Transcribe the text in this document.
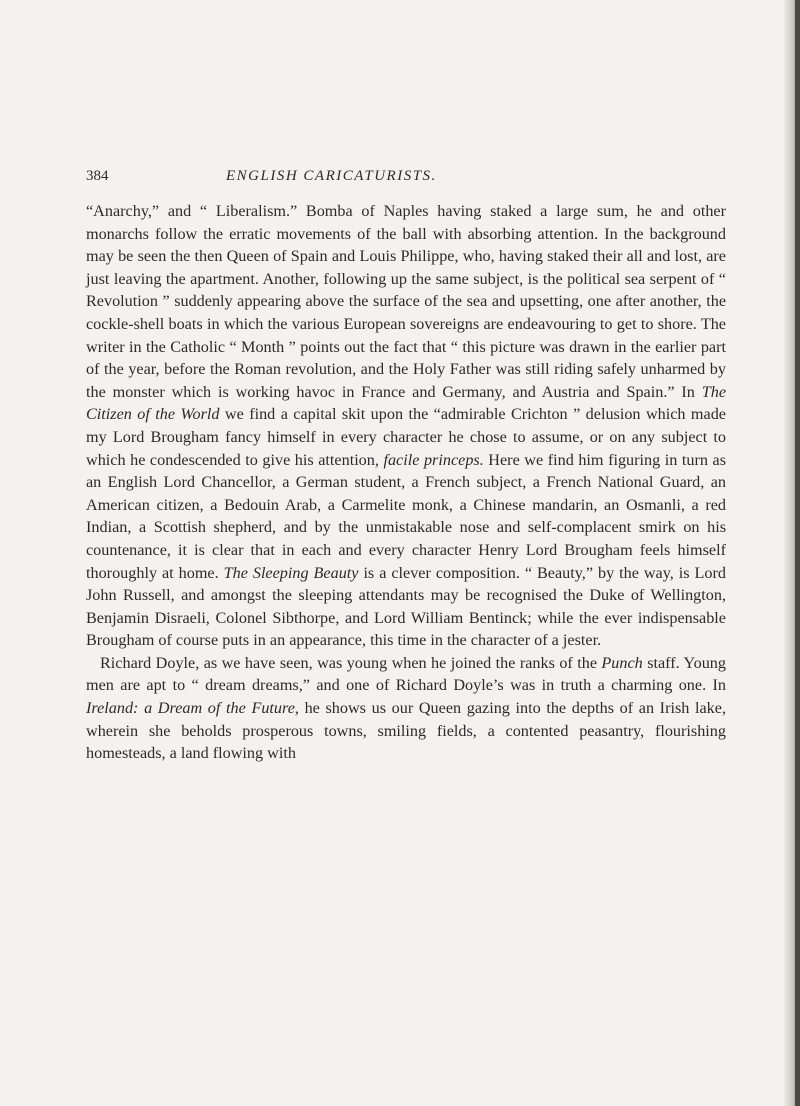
384	ENGLISH CARICATURISTS.

“Anarchy,” and “ Liberalism.” Bomba of Naples having staked a large sum, he and other monarchs follow the erratic movements of the ball with absorbing attention. In the background may be seen the then Queen of Spain and Louis Philippe, who, having staked their all and lost, are just leaving the apartment. Another, following up the same subject, is the political sea serpent of “ Revolution ” suddenly appearing above the surface of the sea and upsetting, one after another, the cockle-shell boats in which the various European sovereigns are endeavouring to get to shore. The writer in the Catholic “ Month ” points out the fact that “ this picture was drawn in the earlier part of the year, before the Roman revolution, and the Holy Father was still riding safely unharmed by the monster which is working havoc in France and Germany, and Austria and Spain.” In The Citizen of the World we find a capital skit upon the “admirable Crichton ” delusion which made my Lord Brougham fancy himself in every character he chose to assume, or on any subject to which he condescended to give his attention, facile princeps. Here we find him figuring in turn as an English Lord Chancellor, a German student, a French subject, a French National Guard, an American citizen, a Bedouin Arab, a Carmelite monk, a Chinese mandarin, an Osmanli, a red Indian, a Scottish shepherd, and by the unmistakable nose and self-complacent smirk on his countenance, it is clear that in each and every character Henry Lord Brougham feels himself thoroughly at home. The Sleeping Beauty is a clever composition. “ Beauty,” by the way, is Lord John Russell, and amongst the sleeping attendants may be recognised the Duke of Wellington, Benjamin Disraeli, Colonel Sibthorpe, and Lord William Bentinck; while the ever indispensable Brougham of course puts in an appearance, this time in the character of a jester.

Richard Doyle, as we have seen, was young when he joined the ranks of the Punch staff. Young men are apt to “ dream dreams,” and one of Richard Doyle’s was in truth a charming one. In Ireland: a Dream of the Future, he shows us our Queen gazing into the depths of an Irish lake, wherein she beholds prosperous towns, smiling fields, a contented peasantry, flourishing homesteads, a land flowing with
